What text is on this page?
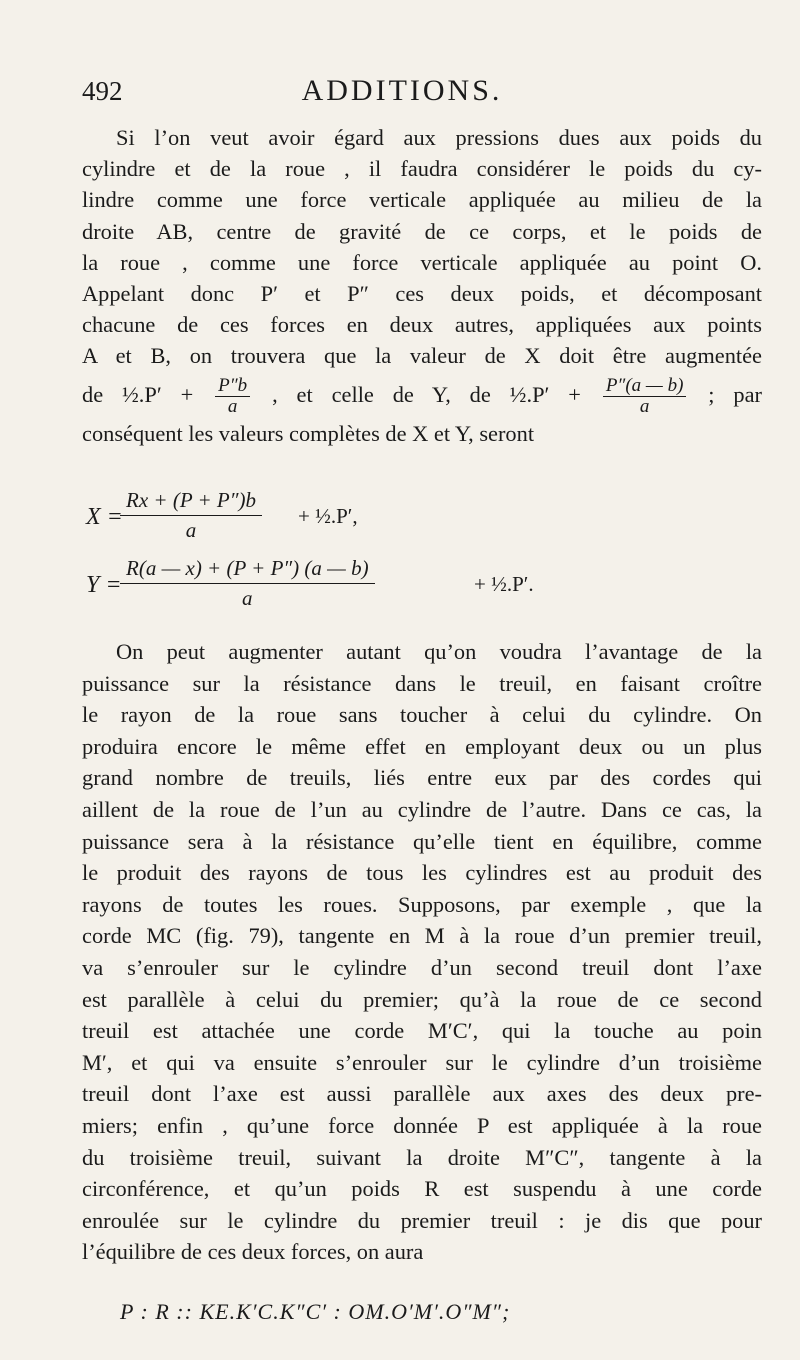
492	ADDITIONS.
Si l’on veut avoir égard aux pressions dues aux poids du
cylindre et de la roue , il faudra considérer le poids du cy-
lindre comme une force verticale appliquée au milieu de la
droite AB, centre de gravité de ce corps, et le poids de
la roue , comme une force verticale appliquée au point O.
Appelant donc P′ et P″ ces deux poids, et décomposant
chacune de ces forces en deux autres, appliquées aux points
A et B, on trouvera que la valeur de X doit être augmentée
de ½.P′ + $\frac{P''b}{a}$ , et celle de Y, de ½.P′ + $\frac{P''(a — b)}{a}$ ; par
conséquent les valeurs complètes de X et Y, seront
X =
$\frac{Rx + (P + P'')b}{a}$ + ½.P′,
Y =
$\frac{R(a — x) + (P + P'') (a — b)}{a}$	+ ½.P′.
On peut augmenter autant qu’on voudra l’avantage de la
puissance sur la résistance dans le treuil, en faisant croître
le rayon de la roue sans toucher à celui du cylindre. On
produira encore le même effet en employant deux ou un plus
grand nombre de treuils, liés entre eux par des cordes qui
aillent de la roue de l’un au cylindre de l’autre. Dans ce cas, la
puissance sera à la résistance qu’elle tient en équilibre, comme
le produit des rayons de tous les cylindres est au produit des
rayons de toutes les roues. Supposons, par exemple , que la
corde MC (fig. 79), tangente en M à la roue d’un premier treuil,
va s’enrouler sur le cylindre d’un second treuil dont l’axe
est parallèle à celui du premier; qu’à la roue de ce second
treuil est attachée une corde M′C′, qui la touche au poin
M′, et qui va ensuite s’enrouler sur le cylindre d’un troisième
treuil dont l’axe est aussi parallèle aux axes des deux pre-
miers; enfin , qu’une force donnée P est appliquée à la roue
du troisième treuil, suivant la droite M″C″, tangente à la
circonférence, et qu’un poids R est suspendu à une corde
enroulée sur le cylindre du premier treuil : je dis que pour
l’équilibre de ces deux forces, on aura
P : R :: KE.K′C.K″C′ : OM.O′M′.O″M″;
